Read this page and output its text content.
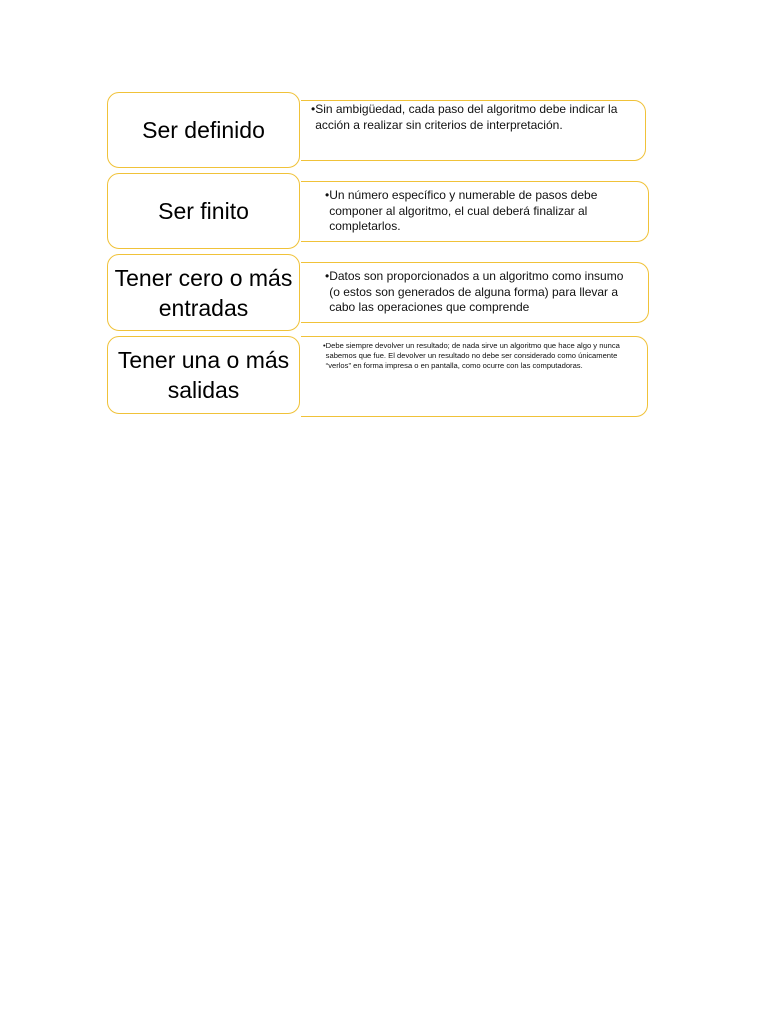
Ser definido
• Sin ambigüedad, cada paso del algoritmo debe indicar la acción a realizar sin criterios de interpretación.
Ser finito
• Un número específico y numerable de pasos debe componer al algoritmo, el cual deberá finalizar al completarlos.
Tener cero o más entradas
• Datos son proporcionados a un algoritmo como insumo (o estos son generados de alguna forma) para llevar a cabo las operaciones que comprende
Tener una o más salidas
• Debe siempre devolver un resultado; de nada sirve un algoritmo que hace algo y nunca sabemos que fue. El devolver un resultado no debe ser considerado como únicamente “verlos” en forma impresa o en pantalla, como ocurre con las computadoras.
